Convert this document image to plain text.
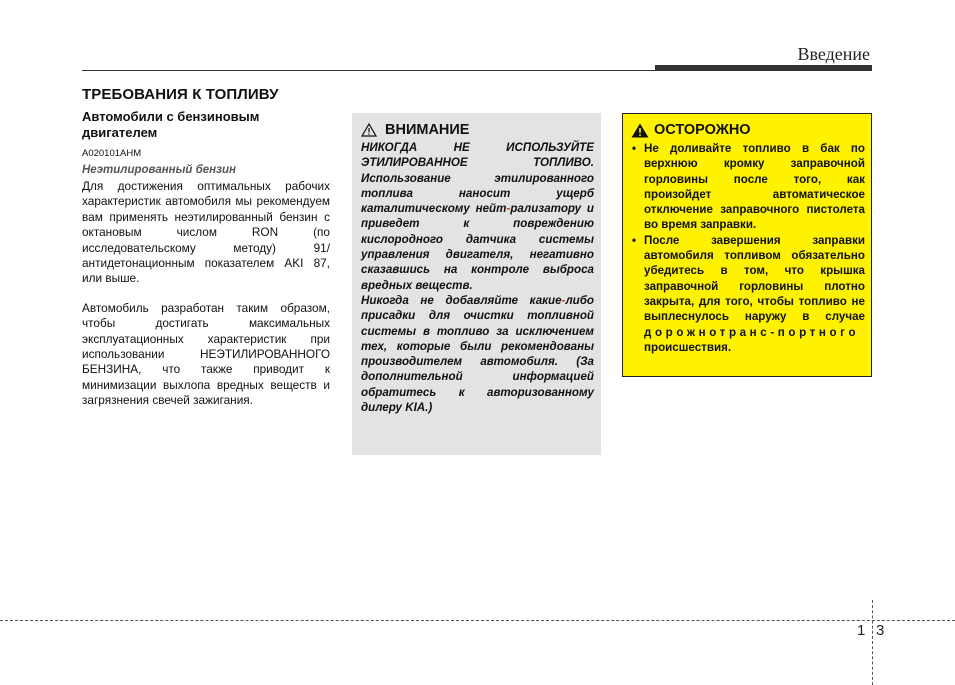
Введение
ТРЕБОВАНИЯ К ТОПЛИВУ
Автомобили с бензиновым двигателем
A020101AHM
Неэтилированный бензин

Для достижения оптимальных рабочих характеристик автомобиля мы рекомендуем вам применять неэтилированный бензин с октановым числом RON (по исследовательскому методу) 91/антидетонационным показателем AKI 87, или выше.

Автомобиль разработан таким образом, чтобы достигать максимальных эксплуатационных характеристик при использовании НЕЭТИЛИРОВАННОГО БЕНЗИНА, что также приводит к минимизации выхлопа вредных веществ и загрязнения свечей зажигания.

ВНИМАНИЕ

НИКОГДА НЕ ИСПОЛЬЗУЙТЕ ЭТИЛИРОВАННОЕ ТОПЛИВО. Использование этилированного топлива наносит ущерб каталитическому нейт-рализатору и приведет к повреждению кислородного датчика системы управления двигателя, негативно сказавшись на контроле выброса вредных веществ.

Никогда не добавляйте какие-либо присадки для очистки топливной системы в топливо за исключением тех, которые были рекомендованы производителем автомобиля. (За дополнительной информацией обратитесь к авторизованному дилеру KIA.)

ОСТОРОЖНО
• Не доливайте топливо в бак по верхнюю кромку заправочной горловины после того, как произойдет автоматическое отключение заправочного пистолета во время заправки.
• После завершения заправки автомобиля топливом обязательно убедитесь в том, что крышка заправочной горловины плотно закрыта, для того, чтобы топливо не выплеснулось наружу в случае дорожнотранс-портного происшествия.
1 3
